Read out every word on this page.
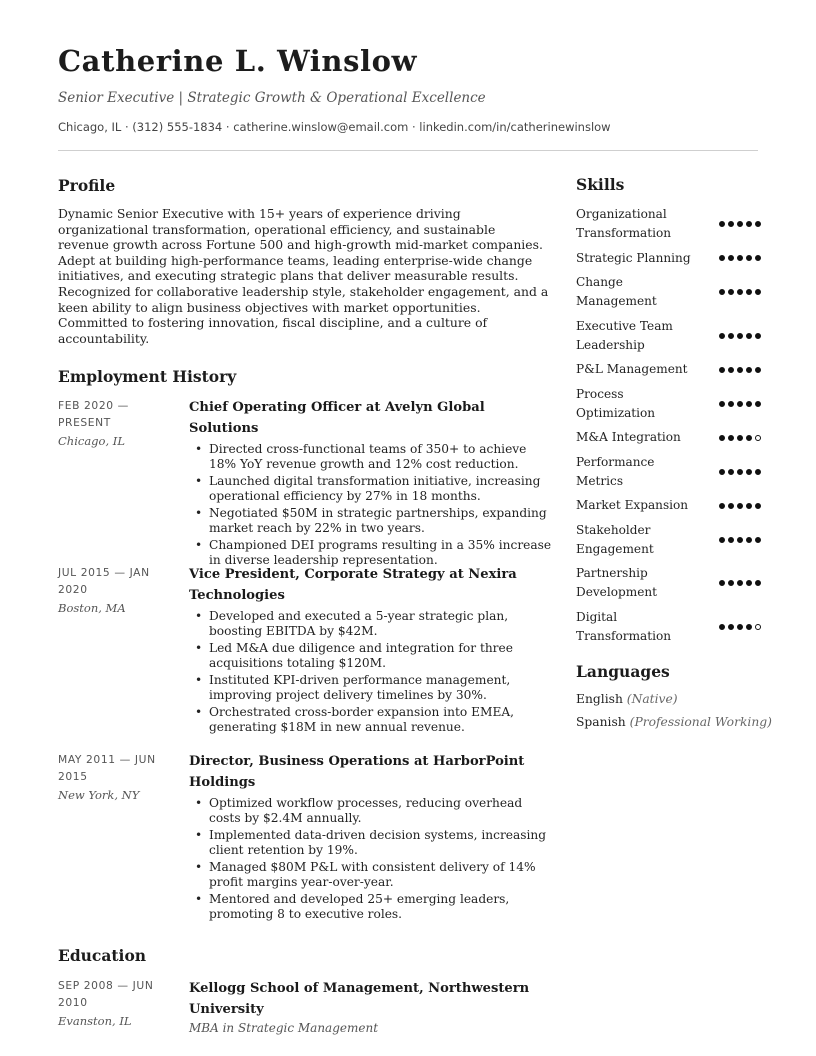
Catherine L. Winslow
Senior Executive | Strategic Growth & Operational Excellence
Chicago, IL · (312) 555-1834 · catherine.winslow@email.com · linkedin.com/in/catherinewinslow
Profile

Dynamic Senior Executive with 15+ years of experience driving organizational transformation, operational efficiency, and sustainable revenue growth across Fortune 500 and high-growth mid-market companies. Adept at building high-performance teams, leading enterprise-wide change initiatives, and executing strategic plans that deliver measurable results. Recognized for collaborative leadership style, stakeholder engagement, and a keen ability to align business objectives with market opportunities. Committed to fostering innovation, fiscal discipline, and a culture of accountability.

Employment History
FEB 2020 — PRESENT
Chicago, IL
Chief Operating Officer at Avelyn Global Solutions
• Directed cross-functional teams of 350+ to achieve 18% YoY revenue growth and 12% cost reduction.
• Launched digital transformation initiative, increasing operational efficiency by 27% in 18 months.
• Negotiated $50M in strategic partnerships, expanding market reach by 22% in two years.
• Championed DEI programs resulting in a 35% increase in diverse leadership representation.
JUL 2015 — JAN 2020
Boston, MA
Vice President, Corporate Strategy at Nexira Technologies
• Developed and executed a 5-year strategic plan, boosting EBITDA by $42M.
• Led M&A due diligence and integration for three acquisitions totaling $120M.
• Instituted KPI-driven performance management, improving project delivery timelines by 30%.
• Orchestrated cross-border expansion into EMEA, generating $18M in new annual revenue.
MAY 2011 — JUN 2015
New York, NY
Director, Business Operations at HarborPoint Holdings
• Optimized workflow processes, reducing overhead costs by $2.4M annually.
• Implemented data-driven decision systems, increasing client retention by 19%.
• Managed $80M P&L with consistent delivery of 14% profit margins year-over-year.
• Mentored and developed 25+ emerging leaders, promoting 8 to executive roles.
Education
SEP 2008 — JUN 2010
Evanston, IL
Kellogg School of Management, Northwestern University
MBA in Strategic Management
Skills
Organizational Transformation
Strategic Planning
Change Management
Executive Team Leadership
P&L Management
Process Optimization
M&A Integration
Performance Metrics
Market Expansion
Stakeholder Engagement
Partnership Development
Digital Transformation
Languages
English (Native)
Spanish (Professional Working)
